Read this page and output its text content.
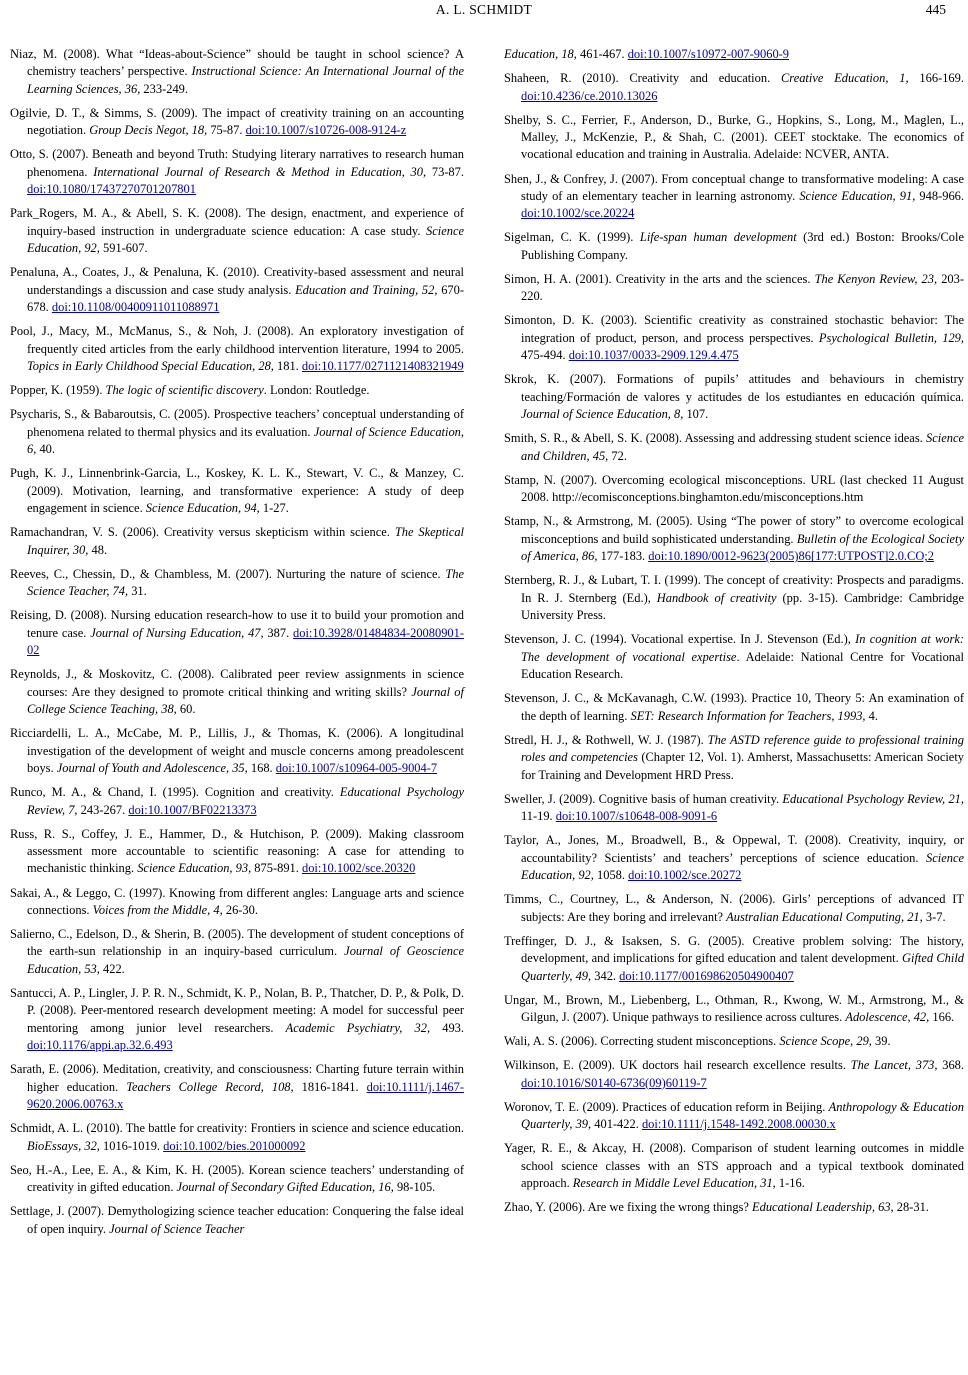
A. L. SCHMIDT	445

Niaz, M. (2008). What “Ideas-about-Science” should be taught in school science? A chemistry teachers’ perspective. Instructional Science: An International Journal of the Learning Sciences, 36, 233-249.

Ogilvie, D. T., & Simms, S. (2009). The impact of creativity training on an accounting negotiation. Group Decis Negot, 18, 75-87. doi:10.1007/s10726-008-9124-z

Otto, S. (2007). Beneath and beyond Truth: Studying literary narratives to research human phenomena. International Journal of Research & Method in Education, 30, 73-87. doi:10.1080/17437270701207801

Park_Rogers, M. A., & Abell, S. K. (2008). The design, enactment, and experience of inquiry-based instruction in undergraduate science education: A case study. Science Education, 92, 591-607.

Penaluna, A., Coates, J., & Penaluna, K. (2010). Creativity-based assessment and neural understandings a discussion and case study analysis. Education and Training, 52, 670-678. doi:10.1108/00400911011088971

Pool, J., Macy, M., McManus, S., & Noh, J. (2008). An exploratory investigation of frequently cited articles from the early childhood intervention literature, 1994 to 2005. Topics in Early Childhood Special Education, 28, 181. doi:10.1177/0271121408321949

Popper, K. (1959). The logic of scientific discovery. London: Routledge.

Psycharis, S., & Babaroutsis, C. (2005). Prospective teachers’ conceptual understanding of phenomena related to thermal physics and its evaluation. Journal of Science Education, 6, 40.

Pugh, K. J., Linnenbrink-Garcia, L., Koskey, K. L. K., Stewart, V. C., & Manzey, C. (2009). Motivation, learning, and transformative experience: A study of deep engagement in science. Science Education, 94, 1-27.

Ramachandran, V. S. (2006). Creativity versus skepticism within science. The Skeptical Inquirer, 30, 48.

Reeves, C., Chessin, D., & Chambless, M. (2007). Nurturing the nature of science. The Science Teacher, 74, 31.

Reising, D. (2008). Nursing education research-how to use it to build your promotion and tenure case. Journal of Nursing Education, 47, 387. doi:10.3928/01484834-20080901-02

Reynolds, J., & Moskovitz, C. (2008). Calibrated peer review assignments in science courses: Are they designed to promote critical thinking and writing skills? Journal of College Science Teaching, 38, 60.

Ricciardelli, L. A., McCabe, M. P., Lillis, J., & Thomas, K. (2006). A longitudinal investigation of the development of weight and muscle concerns among preadolescent boys. Journal of Youth and Adolescence, 35, 168. doi:10.1007/s10964-005-9004-7

Runco, M. A., & Chand, I. (1995). Cognition and creativity. Educational Psychology Review, 7, 243-267. doi:10.1007/BF02213373

Russ, R. S., Coffey, J. E., Hammer, D., & Hutchison, P. (2009). Making classroom assessment more accountable to scientific reasoning: A case for attending to mechanistic thinking. Science Education, 93, 875-891. doi:10.1002/sce.20320

Sakai, A., & Leggo, C. (1997). Knowing from different angles: Language arts and science connections. Voices from the Middle, 4, 26-30.

Salierno, C., Edelson, D., & Sherin, B. (2005). The development of student conceptions of the earth-sun relationship in an inquiry-based curriculum. Journal of Geoscience Education, 53, 422.

Santucci, A. P., Lingler, J. P. R. N., Schmidt, K. P., Nolan, B. P., Thatcher, D. P., & Polk, D. P. (2008). Peer-mentored research development meeting: A model for successful peer mentoring among junior level researchers. Academic Psychiatry, 32, 493. doi:10.1176/appi.ap.32.6.493

Sarath, E. (2006). Meditation, creativity, and consciousness: Charting future terrain within higher education. Teachers College Record, 108, 1816-1841. doi:10.1111/j.1467-9620.2006.00763.x

Schmidt, A. L. (2010). The battle for creativity: Frontiers in science and science education. BioEssays, 32, 1016-1019. doi:10.1002/bies.201000092

Seo, H.-A., Lee, E. A., & Kim, K. H. (2005). Korean science teachers’ understanding of creativity in gifted education. Journal of Secondary Gifted Education, 16, 98-105.

Settlage, J. (2007). Demythologizing science teacher education: Conquering the false ideal of open inquiry. Journal of Science Teacher

Education, 18, 461-467. doi:10.1007/s10972-007-9060-9

Shaheen, R. (2010). Creativity and education. Creative Education, 1, 166-169. doi:10.4236/ce.2010.13026

Shelby, S. C., Ferrier, F., Anderson, D., Burke, G., Hopkins, S., Long, M., Maglen, L., Malley, J., McKenzie, P., & Shah, C. (2001). CEET stocktake. The economics of vocational education and training in Australia. Adelaide: NCVER, ANTA.

Shen, J., & Confrey, J. (2007). From conceptual change to transformative modeling: A case study of an elementary teacher in learning astronomy. Science Education, 91, 948-966. doi:10.1002/sce.20224

Sigelman, C. K. (1999). Life-span human development (3rd ed.) Boston: Brooks/Cole Publishing Company.

Simon, H. A. (2001). Creativity in the arts and the sciences. The Kenyon Review, 23, 203-220.

Simonton, D. K. (2003). Scientific creativity as constrained stochastic behavior: The integration of product, person, and process perspectives. Psychological Bulletin, 129, 475-494. doi:10.1037/0033-2909.129.4.475

Skrok, K. (2007). Formations of pupils’ attitudes and behaviours in chemistry teaching/Formación de valores y actitudes de los estudiantes en educación química. Journal of Science Education, 8, 107.

Smith, S. R., & Abell, S. K. (2008). Assessing and addressing student science ideas. Science and Children, 45, 72.

Stamp, N. (2007). Overcoming ecological misconceptions. URL (last checked 11 August 2008. http://ecomisconceptions.binghamton.edu/misconceptions.htm

Stamp, N., & Armstrong, M. (2005). Using “The power of story” to overcome ecological misconceptions and build sophisticated understanding. Bulletin of the Ecological Society of America, 86, 177-183. doi:10.1890/0012-9623(2005)86[177:UTPOST]2.0.CO;2

Sternberg, R. J., & Lubart, T. I. (1999). The concept of creativity: Prospects and paradigms. In R. J. Sternberg (Ed.), Handbook of creativity (pp. 3-15). Cambridge: Cambridge University Press.

Stevenson, J. C. (1994). Vocational expertise. In J. Stevenson (Ed.), In cognition at work: The development of vocational expertise. Adelaide: National Centre for Vocational Education Research.

Stevenson, J. C., & McKavanagh, C.W. (1993). Practice 10, Theory 5: An examination of the depth of learning. SET: Research Information for Teachers, 1993, 4.

Stredl, H. J., & Rothwell, W. J. (1987). The ASTD reference guide to professional training roles and competencies (Chapter 12, Vol. 1). Amherst, Massachusetts: American Society for Training and Development HRD Press.

Sweller, J. (2009). Cognitive basis of human creativity. Educational Psychology Review, 21, 11-19. doi:10.1007/s10648-008-9091-6

Taylor, A., Jones, M., Broadwell, B., & Oppewal, T. (2008). Creativity, inquiry, or accountability? Scientists’ and teachers’ perceptions of science education. Science Education, 92, 1058. doi:10.1002/sce.20272

Timms, C., Courtney, L., & Anderson, N. (2006). Girls’ perceptions of advanced IT subjects: Are they boring and irrelevant? Australian Educational Computing, 21, 3-7.

Treffinger, D. J., & Isaksen, S. G. (2005). Creative problem solving: The history, development, and implications for gifted education and talent development. Gifted Child Quarterly, 49, 342. doi:10.1177/001698620504900407

Ungar, M., Brown, M., Liebenberg, L., Othman, R., Kwong, W. M., Armstrong, M., & Gilgun, J. (2007). Unique pathways to resilience across cultures. Adolescence, 42, 166.

Wali, A. S. (2006). Correcting student misconceptions. Science Scope, 29, 39.

Wilkinson, E. (2009). UK doctors hail research excellence results. The Lancet, 373, 368. doi:10.1016/S0140-6736(09)60119-7

Woronov, T. E. (2009). Practices of education reform in Beijing. Anthropology & Education Quarterly, 39, 401-422. doi:10.1111/j.1548-1492.2008.00030.x

Yager, R. E., & Akcay, H. (2008). Comparison of student learning outcomes in middle school science classes with an STS approach and a typical textbook dominated approach. Research in Middle Level Education, 31, 1-16.

Zhao, Y. (2006). Are we fixing the wrong things? Educational Leadership, 63, 28-31.
